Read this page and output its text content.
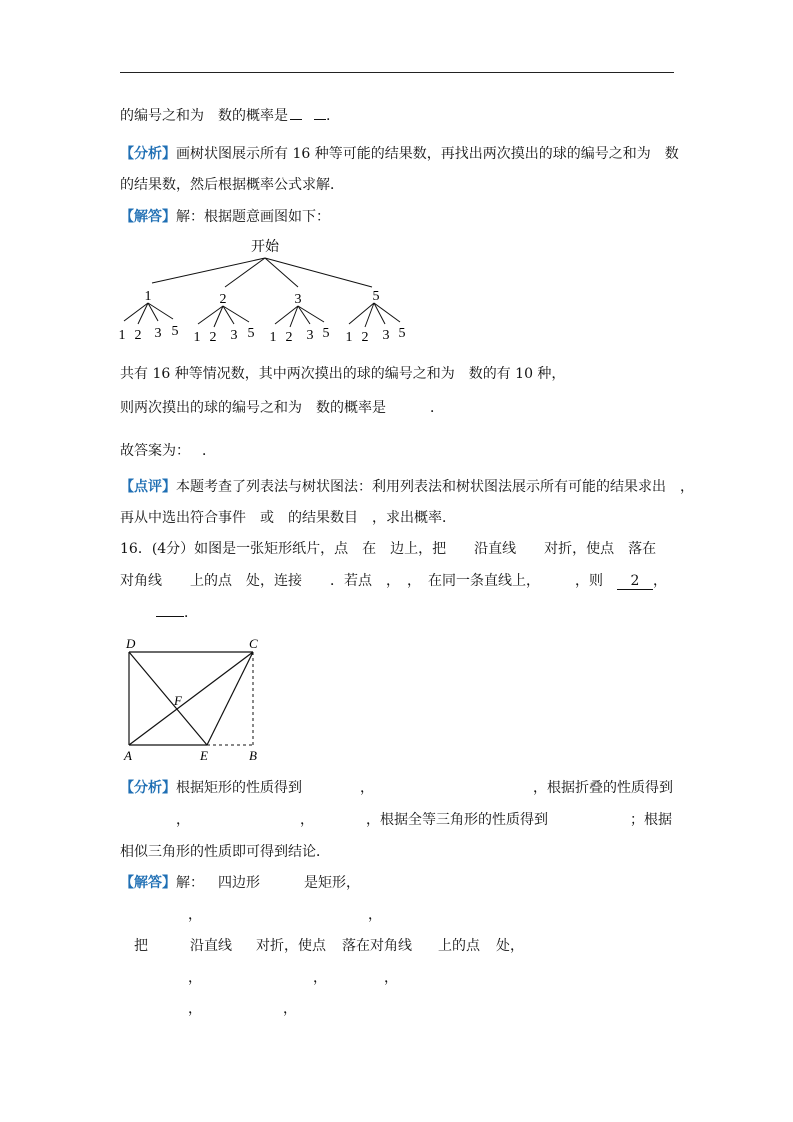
的编号之和为　数的概率是	.
【分析】画树状图展示所有 16 种等可能的结果数，再找出两次摸出的球的编号之和为　数
的结果数，然后根据概率公式求解．
【解答】解：根据题意画图如下：
开始
1	2	3	5
1 2 3 5 1 2 3 5 1 2 3 5 1 2 3 5
共有 16 种等情况数，其中两次摸出的球的编号之和为　数的有 10 种，
则两次摸出的球的编号之和为　数的概率是	．
故答案为： ．
【点评】本题考查了列表法与树状图法：利用列表法和树状图法展示所有可能的结果求出 ，
再从中选出符合事件　或　的结果数目　，求出概率．
16．(4分）如图是一张矩形纸片，点　在　边上，把　　沿直线　　对折，使点　落在
对角线　　上的点　处，连接　　．若点　，　，　在同一条直线上，　　　，则 2 ，
．
D	C
F
A	E	B
【分析】根据矩形的性质得到	，	，根据折叠的性质得到
，	，	，根据全等三角形的性质得到	；根据
相似三角形的性质即可得到结论．
【解答】解： 四边形	是矩形，
，	，
把	沿直线 对折，使点 落在对角线 上的点 处，
，	，	，
，	，
